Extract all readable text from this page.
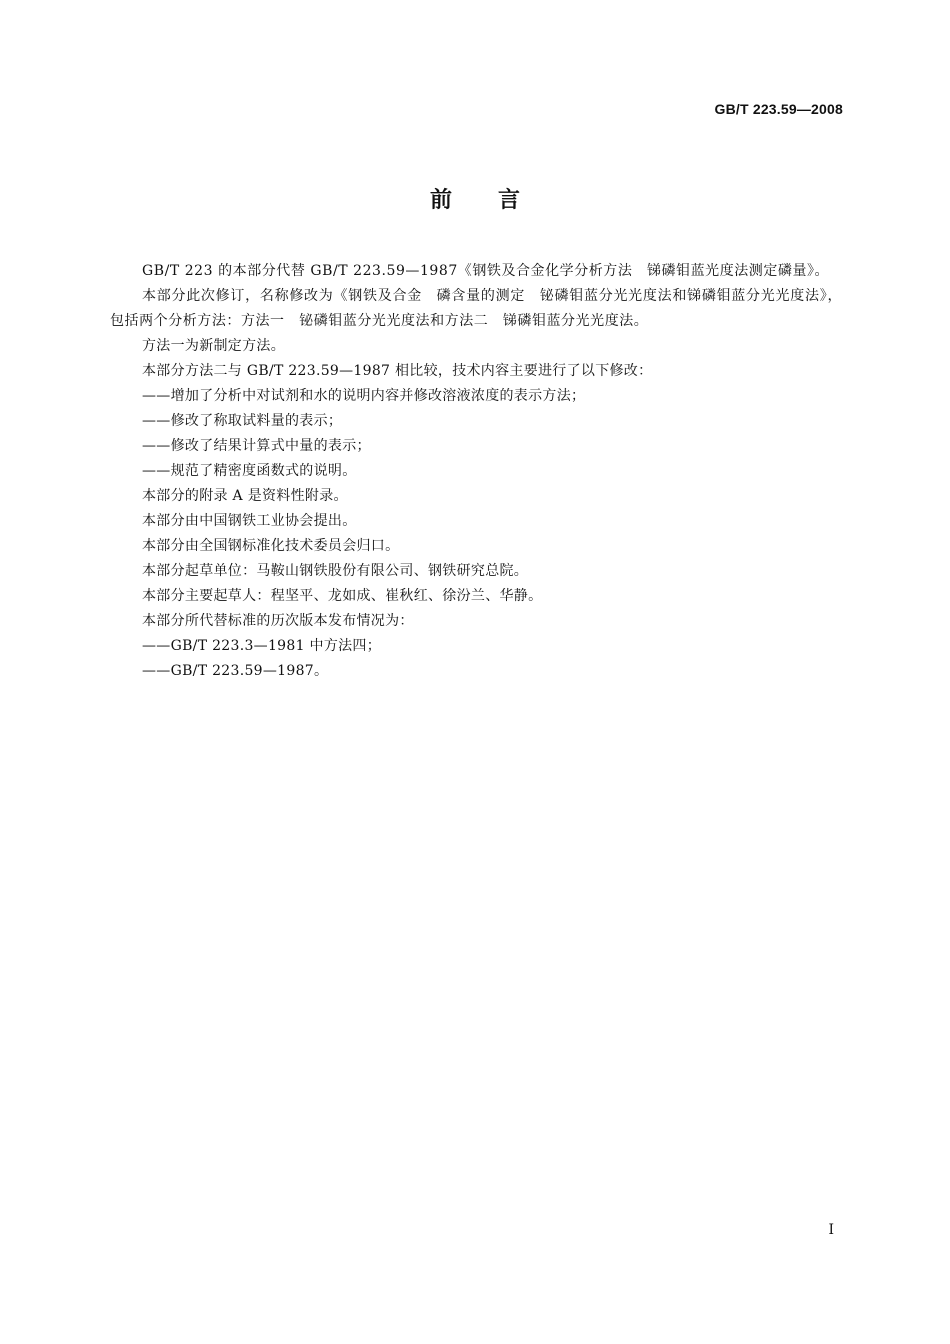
GB/T 223.59—2008
前 言

GB/T 223 的本部分代替 GB/T 223.59—1987《钢铁及合金化学分析方法　锑磷钼蓝光度法测定磷量》。

本部分此次修订，名称修改为《钢铁及合金　磷含量的测定　铋磷钼蓝分光光度法和锑磷钼蓝分光光度法》，包括两个分析方法：方法一　铋磷钼蓝分光光度法和方法二　锑磷钼蓝分光光度法。

方法一为新制定方法。

本部分方法二与 GB/T 223.59—1987 相比较，技术内容主要进行了以下修改：

——增加了分析中对试剂和水的说明内容并修改溶液浓度的表示方法；

——修改了称取试料量的表示；

——修改了结果计算式中量的表示；

——规范了精密度函数式的说明。

本部分的附录 A 是资料性附录。

本部分由中国钢铁工业协会提出。

本部分由全国钢标准化技术委员会归口。

本部分起草单位：马鞍山钢铁股份有限公司、钢铁研究总院。

本部分主要起草人：程坚平、龙如成、崔秋红、徐汾兰、华静。

本部分所代替标准的历次版本发布情况为：

——GB/T 223.3—1981 中方法四；

——GB/T 223.59—1987。

I
